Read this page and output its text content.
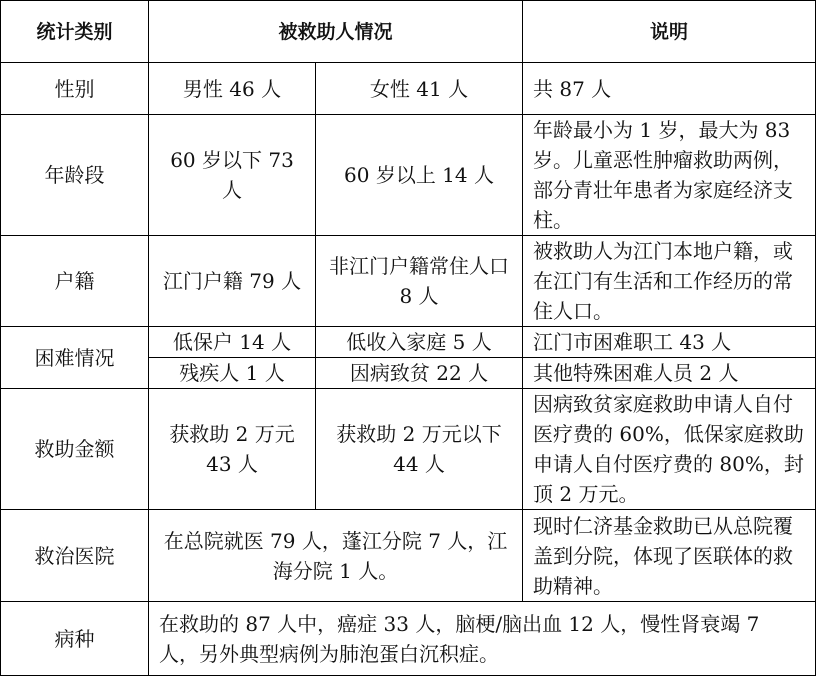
统计类别	被救助人情况		说明
性别	男性 46 人	女性 41 人	共 87 人
年龄段	60 岁以下 73 人	60 岁以上 14 人	年龄最小为 1 岁，最大为 83 岁。儿童恶性肿瘤救助两例，部分青壮年患者为家庭经济支柱。
户籍	江门户籍 79 人	非江门户籍常住人口 8 人	被救助人为江门本地户籍，或在江门有生活和工作经历的常住人口。
困难情况	低保户 14 人	低收入家庭 5 人	江门市困难职工 43 人
	残疾人 1 人	因病致贫 22 人	其他特殊困难人员 2 人
救助金额	获救助 2 万元 43 人	获救助 2 万元以下 44 人	因病致贫家庭救助申请人自付医疗费的 60%，低保家庭救助申请人自付医疗费的 80%，封顶 2 万元。
救治医院	在总院就医 79 人，蓬江分院 7 人，江海分院 1 人。		现时仁济基金救助已从总院覆盖到分院，体现了医联体的救助精神。
病种	在救助的 87 人中，癌症 33 人，脑梗/脑出血 12 人，慢性肾衰竭 7 人，另外典型病例为肺泡蛋白沉积症。		
